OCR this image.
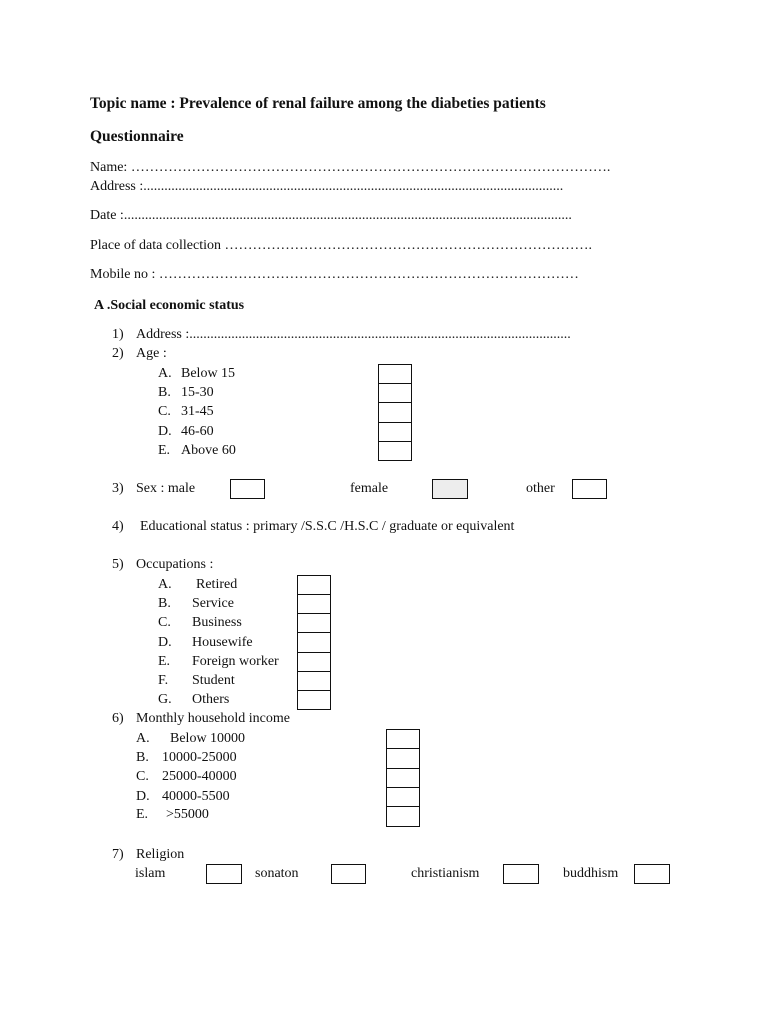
Topic name : Prevalence of renal failure among the diabeties patients
Questionnaire
Name: ………………………………………………………………………………………….
Address :........................................................................................................................
Date :................................................................................................................................
Place of data collection …………………………………………………………………….
Mobile no : ………………………………………………………………………………
A .Social economic status
1) Address :.............................................................................................................
2) Age :
A. Below 15
B. 15-30
C. 31-45
D. 46-60
E. Above 60
3) Sex : male	female	other
4) Educational status : primary /S.S.C /H.S.C / graduate or equivalent
5) Occupations :
A. Retired
B. Service
C. Business
D. Housewife
E. Foreign worker
F. Student
G. Others
6) Monthly household income
A. Below 10000
B. 10000-25000
C. 25000-40000
D. 40000-5500
E. >55000
7) Religion
islam	sonaton	christianism	buddhism
